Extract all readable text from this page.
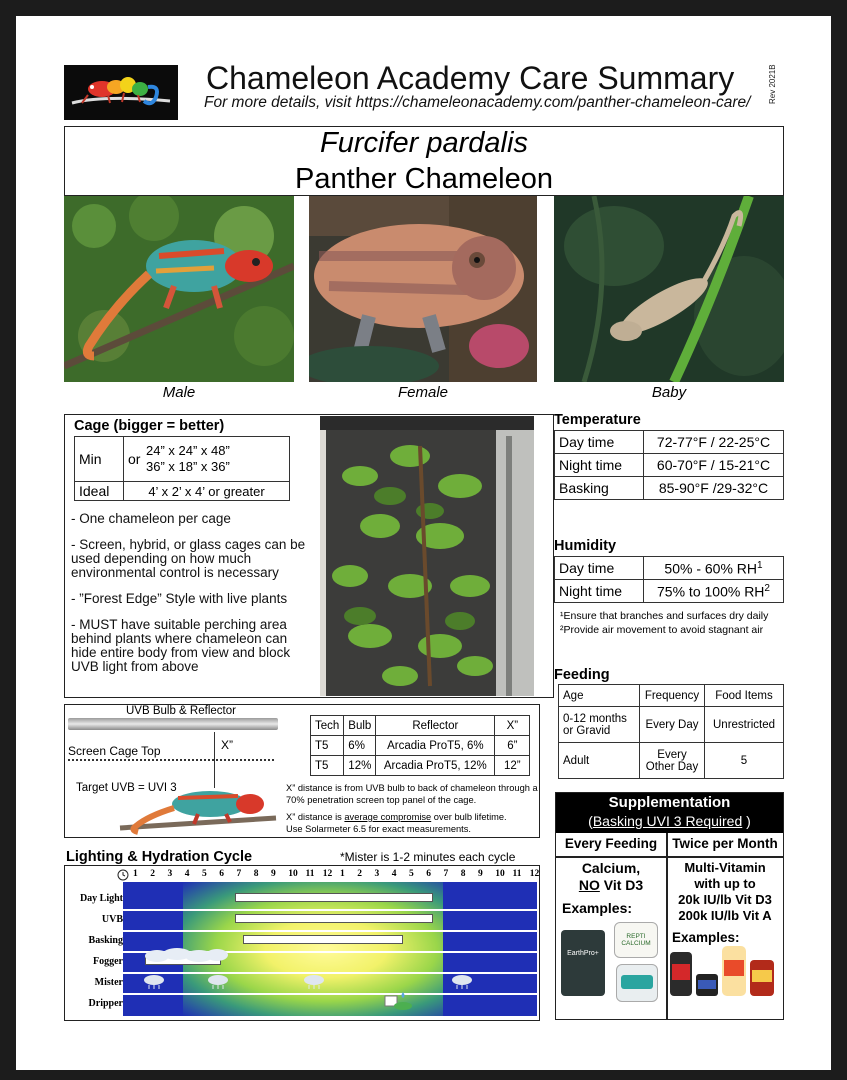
Chameleon Academy Care Summary
For more details, visit https://chameleonacademy.com/panther-chameleon-care/ Rev 2021B
Furcifer pardalis
Panther Chameleon
Male	Female	Baby
Cage (bigger = better)
Min	or	24” x 24” x 48”
36” x 18” x 36”

Ideal	4’ x 2’ x 4’ or greater	
- One chameleon per cage
- Screen, hybrid, or glass cages can be used depending on how much environmental control is necessary
- ”Forest Edge” Style with live plants
- MUST have suitable perching area behind plants where chameleon can hide entire body from view and block UVB light from above
Temperature
Day time	72-77°F / 22-25°C
Night time	60-70°F / 15-21°C
Basking	85-90°F /29-32°C
Humidity
Day time	50% - 60% $RH^1$
Night time	75% to 100% $RH^2$
¹Ensure that branches and surfaces dry daily
²Provide air movement to avoid stagnant air
Feeding
Age	Frequency	Food Items
0-12 months or Gravid	Every Day	Unrestricted
Adult	Every Other Day	5
UVB Bulb & Reflector
Screen Cage Top	X”
Target UVB = UVI 3
Tech	Bulb	Reflector	X”
T5	6%	Arcadia ProT5, 6%	6”
T5	12%	Arcadia ProT5, 12%	12”
X” distance is from UVB bulb to back of chameleon through a 70% penetration screen top panel of the cage.
X” distance is average compromise over bulb lifetime.
Use Solarmeter 6.5 for exact measurements.
Supplementation
(Basking UVI 3 Required )
Every Feeding	Twice per Month
Calcium,
NO Vit D3
Examples:
Multi-Vitamin
with up to
20k IU/lb Vit D3
200k IU/lb Vit A
Examples:
EarthPro+
REPTI CALCIUM
Lighting & Hydration Cycle	*Mister is 1-2 minutes each cycle
1 2 3 4 5 6 7 8 9 10 11 12 1 2 3 4 5 6 7 8 9 10 11 12
Day Light
UVB
Basking
Fogger
Mister
Dripper
